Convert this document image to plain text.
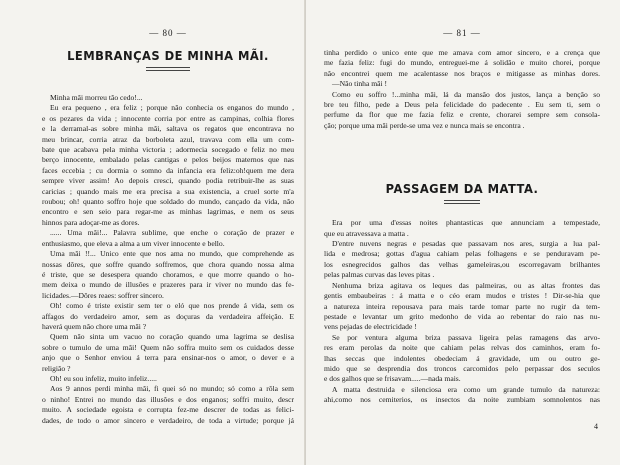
— 80 —
LEMBRANÇAS DE MINHA MÃI.
Minha mãi morreu tão cedo!...
Eu era pequeno , era feliz ; porque não conhecia os enganos do mundo ,
e os pezares da vida ; innocente corria por entre as campinas, colhia flores
e la derramal-as sobre minha mãi, saltava os regatos que encontrava no
meu brincar, corria atraz da borboleta azul, travava com ella um com-
bate que acabava pela minha victoria ; adormecia socegado e feliz no meu
berço innocente, embalado pelas cantigas e pelos beijos maternos que nas
faces eccebia ; cu dormia o somno da infancia era feliz:oh!quem me dera
sempre viver assim! Ao depois cresci, quando podia retribuir-lhe as suas
caricias ; quando mais me era precisa a sua existencia, a cruel sorte m'a
roubou; oh! quanto soffro hoje que soldado do mundo, cançado da vida, não
encontro e sen seio para regar-me as minhas lagrimas, e nem os seus
hinnos para adoçar-me as dores.
...... Uma mãi!... Palavra sublime, que enche o coração de prazer e
enthusiasmo, que eleva a alma a um viver innocente e bello.
Uma mãi !!... Unico ente que nos ama no mundo, que comprehende as
nossas dôres, que soffre quando soffremos, que chora quando nossa alma
é triste, que se desespera quando choramos, e que morre quando o ho-
mem deixa o mundo de illusões e prazeres para ir viver no mundo das fe-
licidades.—Dôres reaes: soffrer sincero.
Oh! como é triste existir sem ter o eló que nos prende á vida, sem os
affagos do verdadeiro amor, sem as doçuras da verdadeira affeição. E
haverá quem não chore uma mãi ?
Quem não sinta um vacuo no coração quando uma lagrima se deslisa
sobre o tumulo de uma mãi! Quem não soffra muito sem os cuidados desse
anjo que o Senhor enviou á terra para ensinar-nos o amor, o dever e a
religião ?
Oh! eu sou infeliz, muito infeliz.....
Aos 9 annos perdi minha mãi, fi quei só no mundo; só como a rôla sem
o ninho! Entrei no mundo das illusões e dos enganos; soffri muito, descr
muito. A sociedade egoista e corrupta fez-me descrer de todas as felici-
dades, de todo o amor sincero e verdadeiro, de toda a virtude; porque já
— 81 —
tinha perdido o unico ente que me amava com amor sincero, e a crença que
me fazia feliz: fugi do mundo, entreguei-me á solidão e muito chorei, porque
não encontrei quem me acalentasse nos braços e mitigasse as minhas dores.
—Não tinha mãi !
Como eu soffro !...minha mãi, lá da mansão dos justos, lança a benção so
bre teu filho, pede a Deus pela felicidade do padecente . Eu sem ti, sem o
perfume da flor que me fazia feliz e crente, chorarei sempre sem consola-
ção; porque uma mãi perde-se uma vez e nunca mais se encontra .
PASSAGEM DA MATTA.
Era por uma d'essas noites phantasticas que annunciam a tempestade,
que eu atravessava a matta .
D'entre nuvens negras e pesadas que passavam nos ares, surgia a lua pal-
lida e medrosa; gottas d'agua cahiam pelas folhagens e se penduravam pe-
los esnegrecidos galhos das velhas gameleiras,ou escorregavam brilhantes
pelas palmas curvas das leves pitas .
Nenhuma briza agitava os leques das palmeiras, ou as altas frontes das
gentis embaubeiras : á matta e o céo eram mudos e tristes ! Dir-se-hia que
a natureza inteira repousava para mais tarde tomar parte no rugir da tem-
pestade e levantar um grito medonho de vida ao rebentar do raio nas nu-
vens pejadas de electricidade !
Se por ventura alguma briza passava ligeira pelas ramagens das arvo-
res eram perolas da noite que cahiam pelas relvas dos caminhos, eram fo-
lhas seccas que indolentes obedeciam á gravidade, um ou outro ge-
mido que se desprendia dos troncos carcomidos pelo perpassar dos seculos
e dos galhos que se frisavam.....—nada mais.
A matta destruida e silenciosa era como um grande tumulo da natureza:
ahi,como nos cemiterios, os insectos da noite zumbiam somnolentos nas
4
